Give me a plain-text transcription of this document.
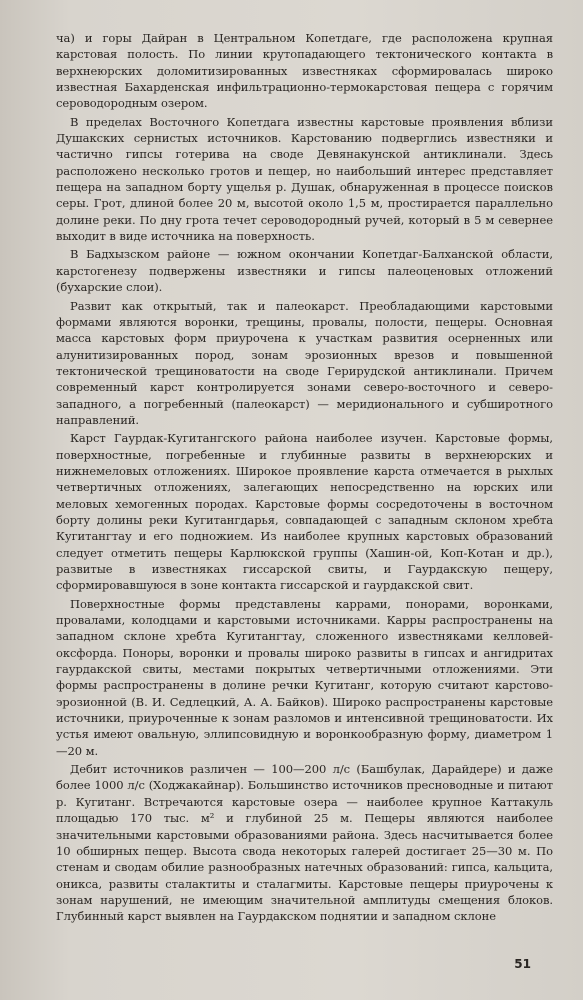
ча) и горы Дайран в Центральном Копетдаге, где расположена крупная карстовая полость. По линии крутопадающего тектонического контакта в верхнеюрских доломитизированных известняках сформировалась широко известная Бахарденская инфильтрационно-термокарстовая пещера с горячим сероводородным озером.

В пределах Восточного Копетдага известны карстовые проявления вблизи Душакских сернистых источников. Карстованию подверглись известняки и частично гипсы готерива на своде Девянакунской антиклинали. Здесь расположено несколько гротов и пещер, но наибольший интерес представляет пещера на западном борту ущелья р. Душак, обнаруженная в процессе поисков серы. Грот, длиной более 20 м, высотой около 1,5 м, простирается параллельно долине реки. По дну грота течет сероводородный ручей, который в 5 м севернее выходит в виде источника на поверхность.

В Бадхызском районе — южном окончании Копетдаг-Балханской области, карстогенезу подвержены известняки и гипсы палеоценовых отложений (бухарские слои).

Развит как открытый, так и палеокарст. Преобладающими карстовыми формами являются воронки, трещины, провалы, полости, пещеры. Основная масса карстовых форм приурочена к участкам развития осерненных или алунитизированных пород, зонам эрозионных врезов и повышенной тектонической трещиноватости на своде Герирудской антиклинали. Причем современный карст контролируется зонами северо-восточного и северо-западного, а погребенный (палеокарст) — меридионального и субширотного направлений.

Карст Гаурдак-Кугитангского района наиболее изучен. Карстовые формы, поверхностные, погребенные и глубинные развиты в верхнеюрских и нижнемеловых отложениях. Широкое проявление карста отмечается в рыхлых четвертичных отложениях, залегающих непосредственно на юрских или меловых хемогенных породах. Карстовые формы сосредоточены в восточном борту долины реки Кугитангдарья, совпадающей с западным склоном хребта Кугитангтау и его подножием. Из наиболее крупных карстовых образований следует отметить пещеры Карлюкской группы (Хашин-ой, Коп-Котан и др.), развитые в известняках гиссарской свиты, и Гаурдакскую пещеру, сформировавшуюся в зоне контакта гиссарской и гаурдакской свит.

Поверхностные формы представлены каррами, понорами, воронками, провалами, колодцами и карстовыми источниками. Карры распространены на западном склоне хребта Кугитангтау, сложенного известняками келловей-оксфорда. Поноры, воронки и провалы широко развиты в гипсах и ангидритах гаурдакской свиты, местами покрытых четвертичными отложениями. Эти формы распространены в долине речки Кугитанг, которую считают карстово-эрозионной (В. И. Седлецкий, А. А. Байков). Широко распространены карстовые источники, приуроченные к зонам разломов и интенсивной трещиноватости. Их устья имеют овальную, эллипсовидную и воронкообразную форму, диаметром 1—20 м.

Дебит источников различен — 100—200 л/с (Башбулак, Дарайдере) и даже более 1000 л/с (Ходжакайнар). Большинство источников пресноводные и питают р. Кугитанг. Встречаются карстовые озера — наиболее крупное Каттакуль площадью 170 тыс. м² и глубиной 25 м. Пещеры являются наиболее значительными карстовыми образованиями района. Здесь насчитывается более 10 обширных пещер. Высота свода некоторых галерей достигает 25—30 м. По стенам и сводам обилие разнообразных натечных образований: гипса, кальцита, оникса, развиты сталактиты и сталагмиты. Карстовые пещеры приурочены к зонам нарушений, не имеющим значительной амплитуды смещения блоков. Глубинный карст выявлен на Гаурдакском поднятии и западном склоне

51
